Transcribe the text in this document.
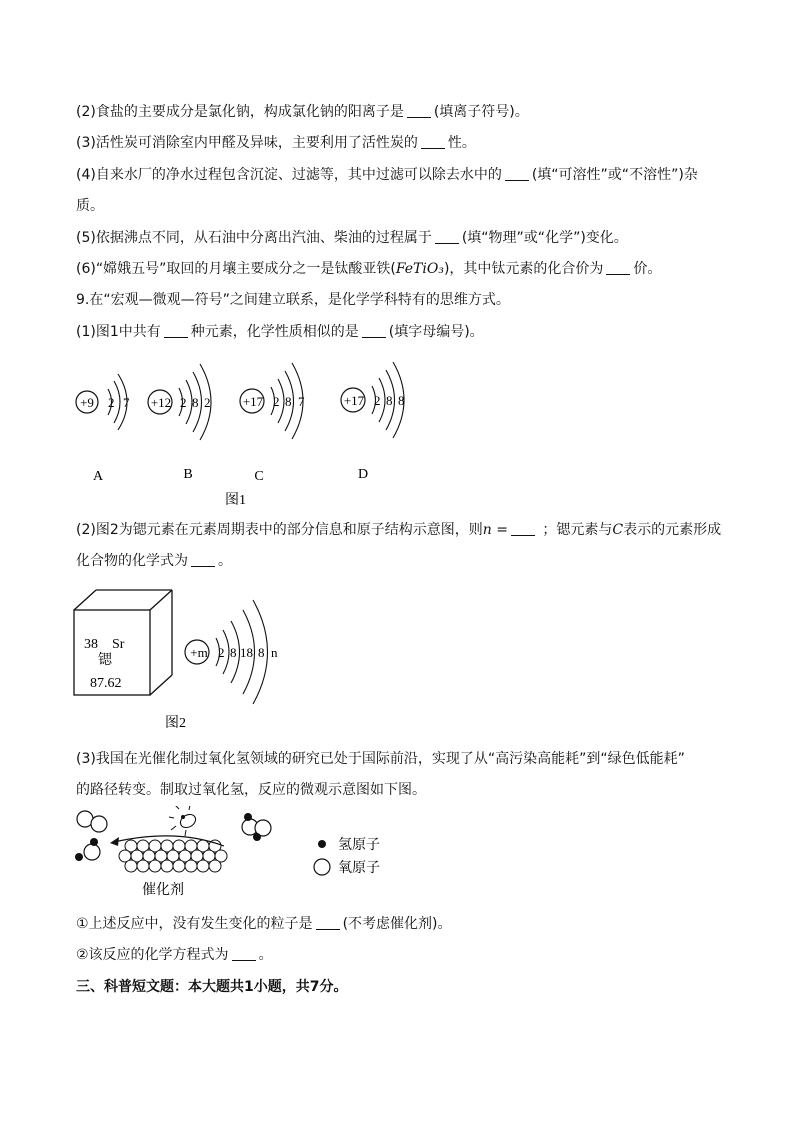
(2)食盐的主要成分是氯化钠，构成氯化钠的阳离子是 (填离子符号)。
(3)活性炭可消除室内甲醛及异味，主要利用了活性炭的 性。
(4)自来水厂的净水过程包含沉淀、过滤等，其中过滤可以除去水中的 (填“可溶性”或“不溶性”)杂
质。
(5)依据沸点不同，从石油中分离出汽油、柴油的过程属于 (填“物理”或“化学”)变化。
(6)“嫦娥五号”取回的月壤主要成分之一是钛酸亚铁(FeTiO₃)，其中钛元素的化合价为 价。
9.在“宏观—微观—符号”之间建立联系，是化学学科特有的思维方式。
(1)图1中共有 种元素，化学性质相似的是 (填字母编号)。
+9 2 7
A
+12 2 8 2
B
+17 2 8 7
C
+17 2 8 8
D
图1
(2)图2为锶元素在元素周期表中的部分信息和原子结构示意图，则n = ；锶元素与C表示的元素形成
化合物的化学式为 。
38 Sr
锶
87.62
+m 2 8 18 8 n
图2
(3)我国在光催化制过氧化氢领域的研究已处于国际前沿，实现了从“高污染高能耗”到“绿色低能耗”
的路径转变。制取过氧化氢，反应的微观示意图如下图。
催化剂
氢原子
氧原子
①上述反应中，没有发生变化的粒子是 (不考虑催化剂)。
②该反应的化学方程式为 。
三、科普短文题：本大题共1小题，共7分。
